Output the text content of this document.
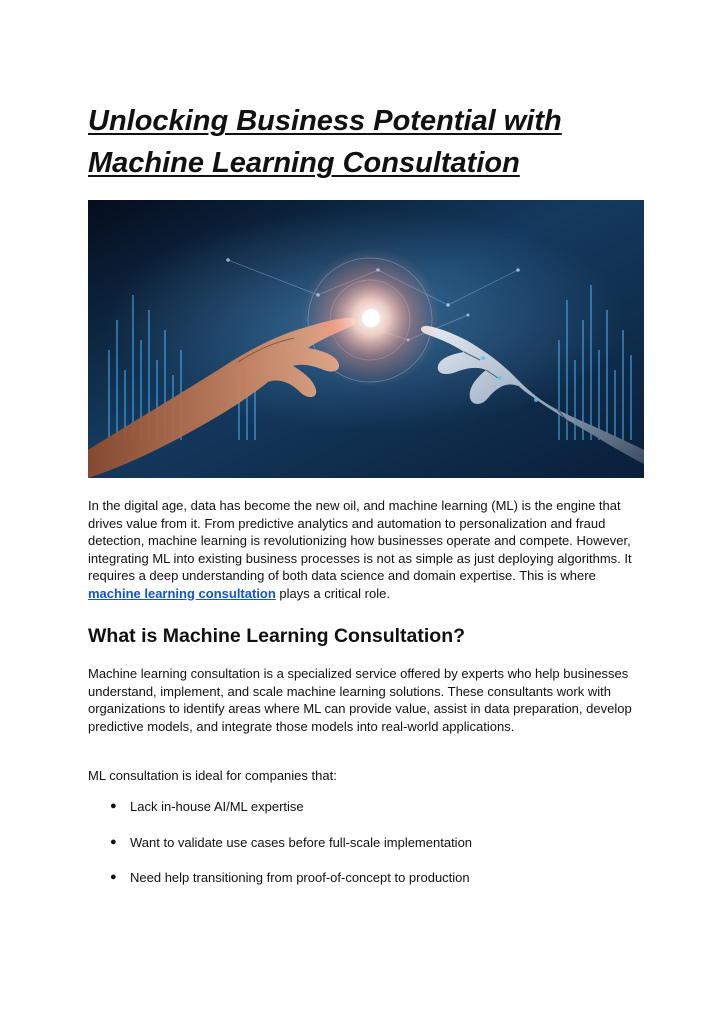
Unlocking Business Potential with Machine Learning Consultation

In the digital age, data has become the new oil, and machine learning (ML) is the engine that drives value from it. From predictive analytics and automation to personalization and fraud detection, machine learning is revolutionizing how businesses operate and compete. However, integrating ML into existing business processes is not as simple as just deploying algorithms. It requires a deep understanding of both data science and domain expertise. This is where machine learning consultation plays a critical role.

What is Machine Learning Consultation?

Machine learning consultation is a specialized service offered by experts who help businesses understand, implement, and scale machine learning solutions. These consultants work with organizations to identify areas where ML can provide value, assist in data preparation, develop predictive models, and integrate those models into real-world applications.

ML consultation is ideal for companies that:

● Lack in-house AI/ML expertise
● Want to validate use cases before full-scale implementation
● Need help transitioning from proof-of-concept to production
